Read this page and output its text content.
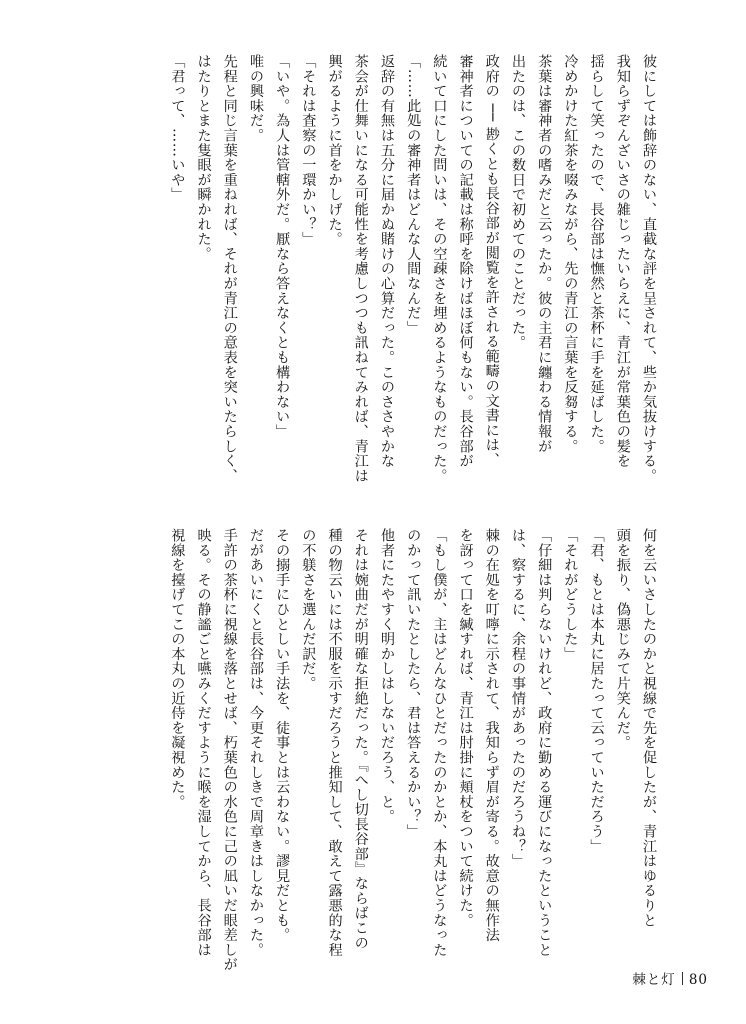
彼にしては飾辞のない、直截な評を呈されて、些か気抜けする。

我知らずぞんざいさの雑じったいらえに、青江が常葉色の髪を

揺らして笑ったので、長谷部は憮然と茶杯に手を延ばした。

冷めかけた紅茶を啜みながら、先の青江の言葉を反芻する。

茶葉は審神者の嗜みだと云ったか。彼の主君に纏わる情報が

出たのは、この数日で初めてのことだった。

政府の ── 尠くとも長谷部が閲覧を許される範疇の文書には、

審神者についての記載は称呼を除けばほぼ何もない。長谷部が

続いて口にした問いは、その空疎さを埋めるようなものだった。

「……此処の審神者はどんな人間なんだ」

返辞の有無は五分に届かぬ賭けの心算だった。このささやかな

茶会が仕舞いになる可能性を考慮しつつも訊ねてみれば、青江は

興がるように首をかしげた。

「それは査察の一環かい？」

「いや。為人は管轄外だ。厭なら答えなくとも構わない」

唯の興味だ。

先程と同じ言葉を重ねれば、それが青江の意表を突いたらしく、

はたりとまた隻眼が瞬かれた。

「君って、……いや」

何を云いさしたのかと視線で先を促したが、青江はゆるりと

頭を振り、偽悪じみて片笑んだ。

「君、もとは本丸に居たって云っていただろう」

「それがどうした」

「仔細は判らないけれど、政府に勤める運びになったということ

は、察するに、余程の事情があったのだろうね？」

棘の在処を叮嚀に示されて、我知らず眉が寄る。故意の無作法

を訝って口を緘すれば、青江は肘掛に頬杖をついて続けた。

「もし僕が、主はどんなひとだったのかとか、本丸はどうなった

のかって訊いたとしたら、君は答えるかい？」

他者にたやすく明かしはしないだろう、と。

それは婉曲だが明確な拒絶だった。『へし切長谷部』ならばこの

種の物云いには不服を示すだろうと推知して、敢えて露悪的な程

の不躾さを選んだ訳だ。

その搦手にひとしい手法を、徒事とは云わない。謬見だとも。

だがあいにくと長谷部は、今更それしきで周章きはしなかった。

手許の茶杯に視線を落とせば、朽葉色の水色に己の凪いだ眼差しが

映る。その静謐ごと嚥みくだすように喉を湿してから、長谷部は

視線を擡げてこの本丸の近侍を凝視めた。

棘と灯 80
